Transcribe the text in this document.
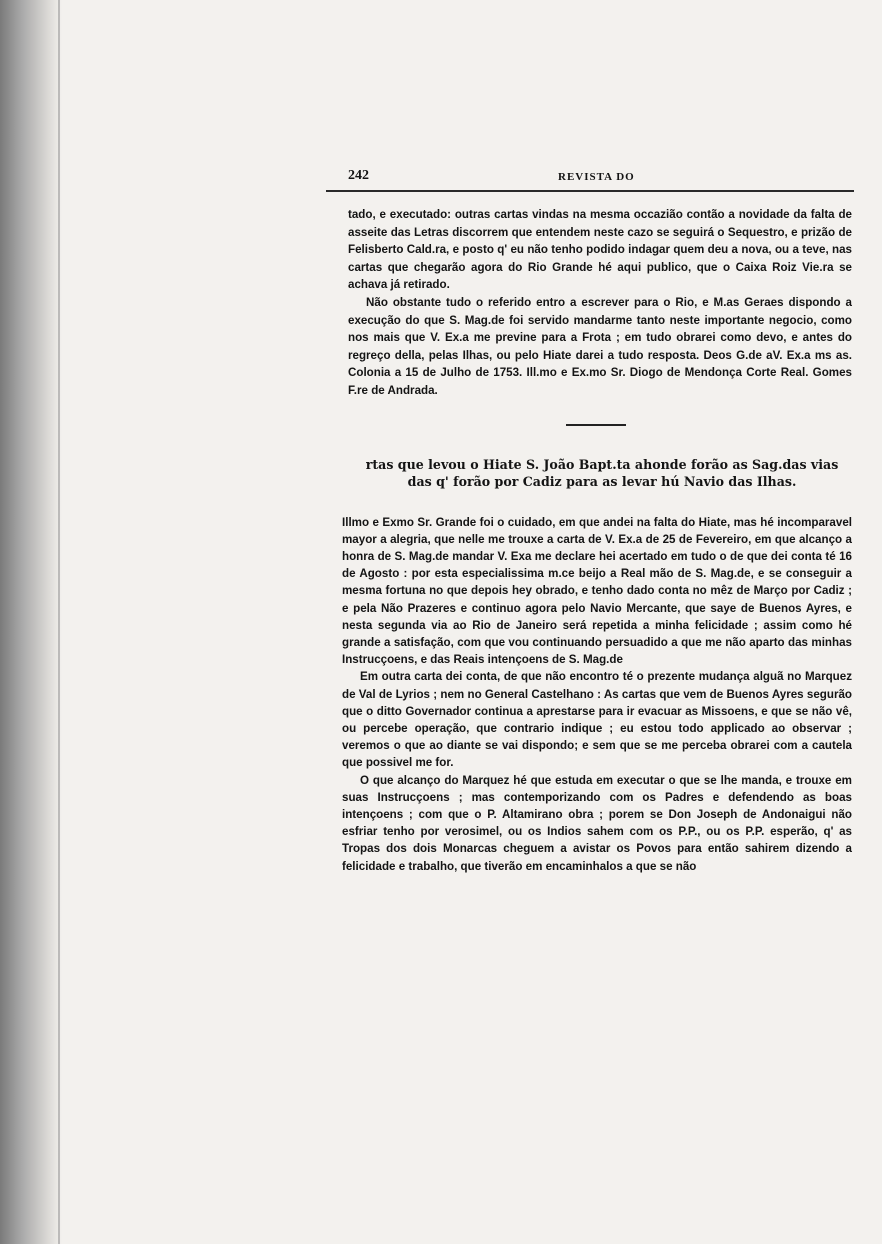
242	REVISTA DO

tado, e executado: outras cartas vindas na mesma occazião contão a novidade da falta de asseite das Letras discorrem que entendem neste cazo se seguirá o Sequestro, e prizão de Felisberto Cald.ra, e posto q' eu não tenho podido indagar quem deu a nova, ou a teve, nas cartas que chegarão agora do Rio Grande hé aqui publico, que o Caixa Roiz Vie.ra se achava já retirado.

Não obstante tudo o referido entro a escrever para o Rio, e M.as Geraes dispondo a execução do que S. Mag.de foi servido mandarme tanto neste importante negocio, como nos mais que V. Ex.a me previne para a Frota ; em tudo obrarei como devo, e antes do regreço della, pelas Ilhas, ou pelo Hiate darei a tudo resposta. Deos G.de aV. Ex.a ms as. Colonia a 15 de Julho de 1753. Ill.mo e Ex.mo Sr. Diogo de Mendonça Corte Real. Gomes F.re de Andrada.

rtas que levou o Hiate S. João Bapt.ta ahonde forão as Sag.das vias das q' forão por Cadiz para as levar hú Navio das Ilhas.

Illmo e Exmo Sr. Grande foi o cuidado, em que andei na falta do Hiate, mas hé incomparavel mayor a alegria, que nelle me trouxe a carta de V. Ex.a de 25 de Fevereiro, em que alcanço a honra de S. Mag.de mandar V. Exa me declare hei acertado em tudo o de que dei conta té 16 de Agosto : por esta especialissima m.ce beijo a Real mão de S. Mag.de, e se conseguir a mesma fortuna no que depois hey obrado, e tenho dado conta no mêz de Março por Cadiz ; e pela Não Prazeres e continuo agora pelo Navio Mercante, que saye de Buenos Ayres, e nesta segunda via ao Rio de Janeiro será repetida a minha felicidade ; assim como hé grande a satisfação, com que vou continuando persuadido a que me não aparto das minhas Instrucçoens, e das Reais intençoens de S. Mag.de

Em outra carta dei conta, de que não encontro té o prezente mudança alguã no Marquez de Val de Lyrios ; nem no General Castelhano : As cartas que vem de Buenos Ayres segurão que o ditto Governador continua a aprestarse para ir evacuar as Missoens, e que se não vê, ou percebe operação, que contrario indique ; eu estou todo applicado ao observar ; veremos o que ao diante se vai dispondo; e sem que se me perceba obrarei com a cautela que possivel me for.

O que alcanço do Marquez hé que estuda em executar o que se lhe manda, e trouxe em suas Instrucçoens ; mas contemporizando com os Padres e defendendo as boas intençoens ; com que o P. Altamirano obra ; porem se Don Joseph de Andonaigui não esfriar tenho por verosimel, ou os Indios sahem com os P.P., ou os P.P. esperão, q' as Tropas dos dois Monarcas cheguem a avistar os Povos para então sahirem dizendo a felicidade e trabalho, que tiverão em encaminhalos a que se não
